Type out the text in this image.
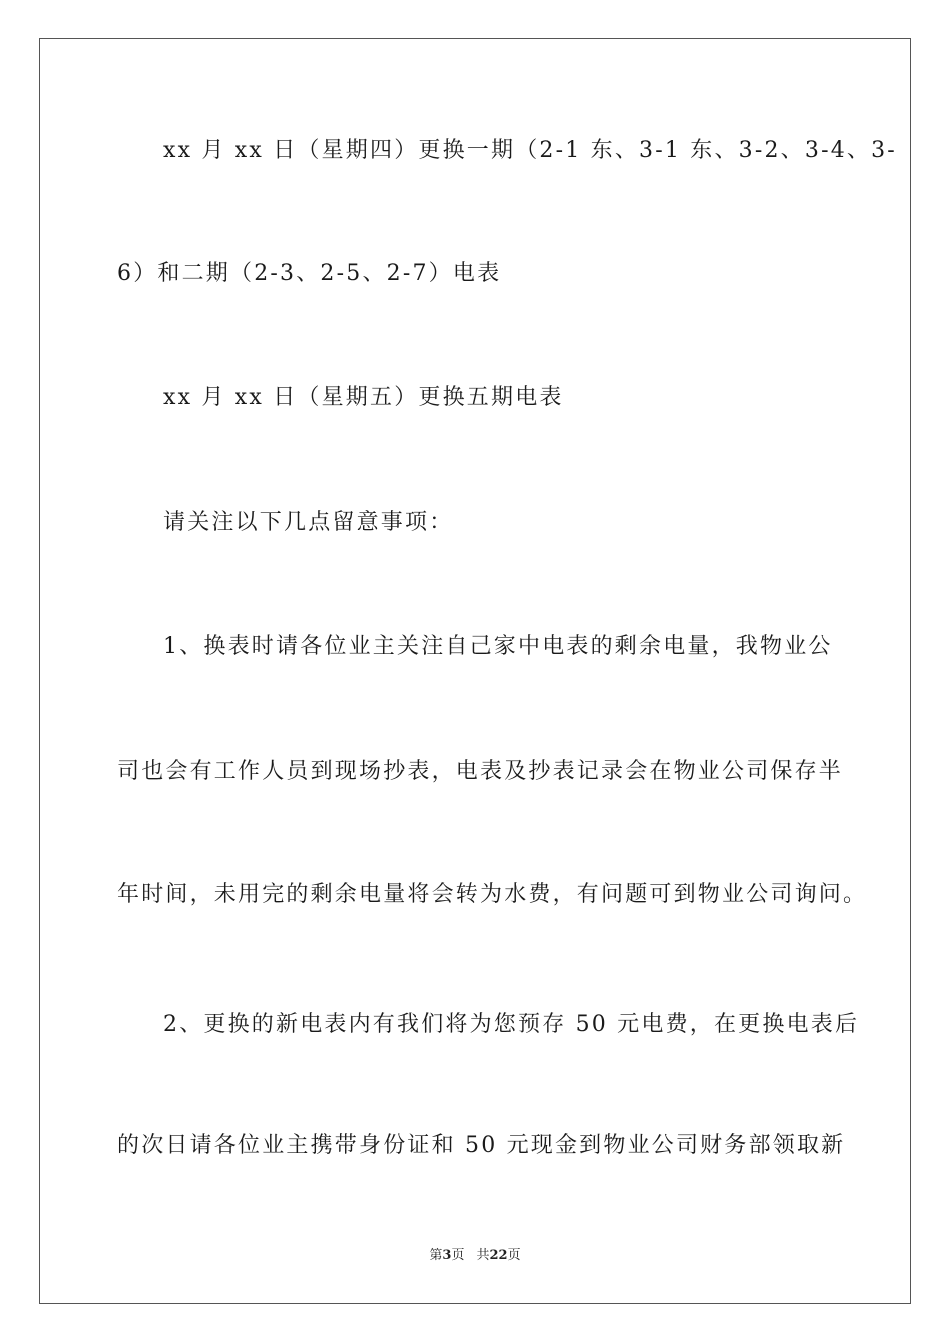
xx 月 xx 日（星期四）更换一期（2-1 东、3-1 东、3-2、3-4、3-

6）和二期（2-3、2-5、2-7）电表

xx 月 xx 日（星期五）更换五期电表

请关注以下几点留意事项：

1、换表时请各位业主关注自己家中电表的剩余电量，我物业公

司也会有工作人员到现场抄表，电表及抄表记录会在物业公司保存半

年时间，未用完的剩余电量将会转为水费，有问题可到物业公司询问。

2、更换的新电表内有我们将为您预存 50 元电费，在更换电表后

的次日请各位业主携带身份证和 50 元现金到物业公司财务部领取新

第3页 共22页
